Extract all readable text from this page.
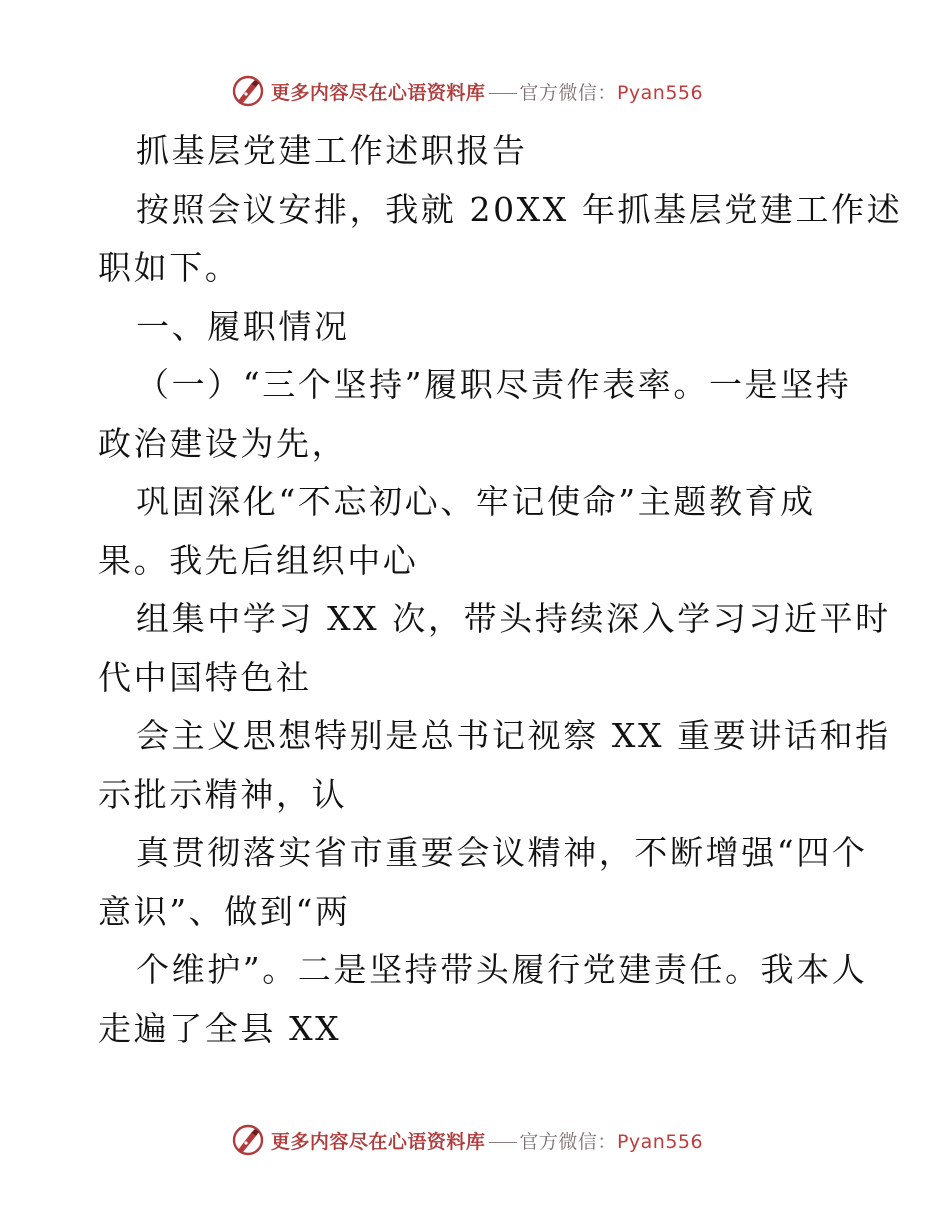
更多内容尽在心语资料库 官方微信：Pyan556
抓基层党建工作述职报告
按照会议安排，我就 20XX 年抓基层党建工作述
职如下。
一、履职情况
（一）“三个坚持”履职尽责作表率。一是坚持
政治建设为先，
巩固深化“不忘初心、牢记使命”主题教育成
果。我先后组织中心
组集中学习 XX 次，带头持续深入学习习近平时
代中国特色社
会主义思想特别是总书记视察 XX 重要讲话和指
示批示精神，认
真贯彻落实省市重要会议精神，不断增强“四个
意识”、做到“两
个维护”。二是坚持带头履行党建责任。我本人
走遍了全县 XX
更多内容尽在心语资料库 官方微信：Pyan556
